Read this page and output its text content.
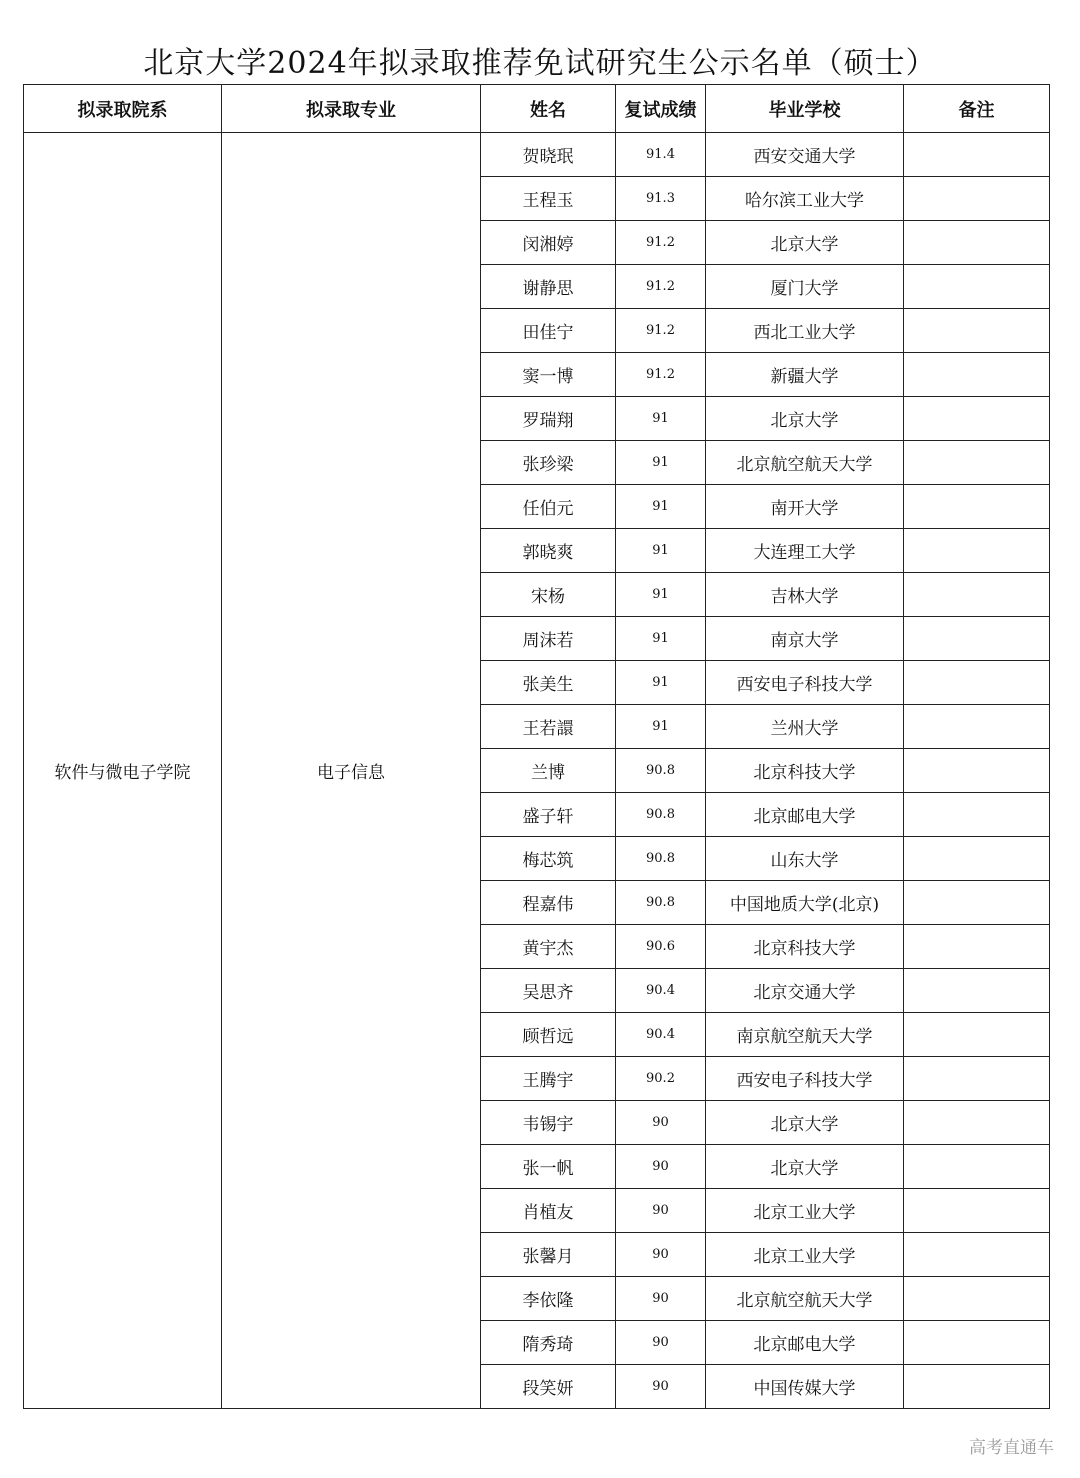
北京大学2024年拟录取推荐免试研究生公示名单（硕士）
拟录取院系	拟录取专业	姓名	复试成绩	毕业学校	备注
软件与微电子学院	电子信息	贺晓珉	91.4	西安交通大学	
		王程玉	91.3	哈尔滨工业大学	
		闵湘婷	91.2	北京大学	
		谢静思	91.2	厦门大学	
		田佳宁	91.2	西北工业大学	
		窦一博	91.2	新疆大学	
		罗瑞翔	91	北京大学	
		张珍梁	91	北京航空航天大学	
		任伯元	91	南开大学	
		郭晓爽	91	大连理工大学	
		宋杨	91	吉林大学	
		周沫若	91	南京大学	
		张美生	91	西安电子科技大学	
		王若譞	91	兰州大学	
		兰博	90.8	北京科技大学	
		盛子轩	90.8	北京邮电大学	
		梅芯筑	90.8	山东大学	
		程嘉伟	90.8	中国地质大学(北京)	
		黄宇杰	90.6	北京科技大学	
		吴思齐	90.4	北京交通大学	
		顾哲远	90.4	南京航空航天大学	
		王腾宇	90.2	西安电子科技大学	
		韦锡宇	90	北京大学	
		张一帆	90	北京大学	
		肖植友	90	北京工业大学	
		张馨月	90	北京工业大学	
		李依隆	90	北京航空航天大学	
		隋秀琦	90	北京邮电大学	
		段笑妍	90	中国传媒大学	
高考直通车
